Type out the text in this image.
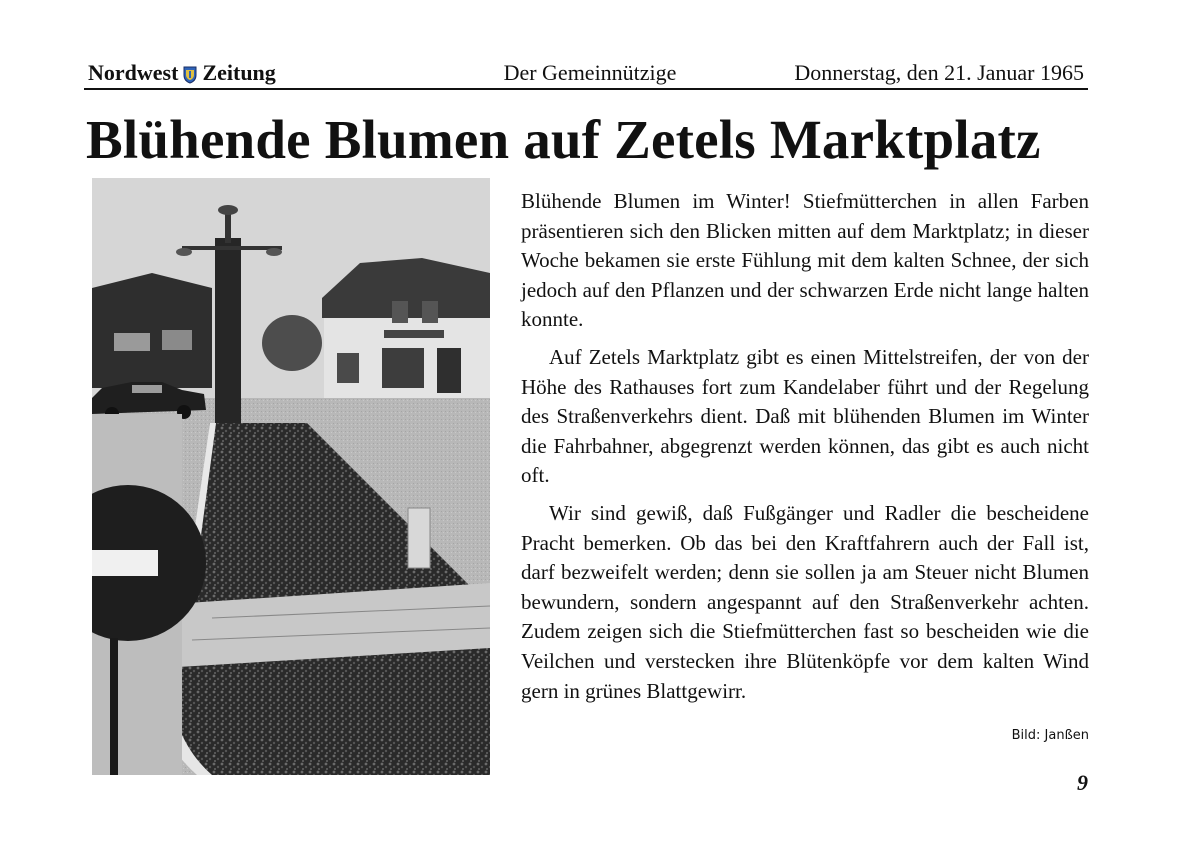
Nordwest Zeitung	Der Gemeinnützige	Donnerstag, den 21. Januar 1965
Blühende Blumen auf Zetels Marktplatz

Blühende Blumen im Winter! Stiefmütterchen in allen Farben präsentieren sich den Blicken mitten auf dem Marktplatz; in dieser Woche bekamen sie erste Fühlung mit dem kalten Schnee, der sich jedoch auf den Pflanzen und der schwarzen Erde nicht lange halten konnte.

Auf Zetels Marktplatz gibt es einen Mittelstreifen, der von der Höhe des Rathauses fort zum Kandelaber führt und der Regelung des Straßenverkehrs dient. Daß mit blühenden Blumen im Winter die Fahrbahner, abgegrenzt werden können, das gibt es auch nicht oft.

Wir sind gewiß, daß Fußgänger und Radler die bescheidene Pracht bemerken. Ob das bei den Kraftfahrern auch der Fall ist, darf bezweifelt werden; denn sie sollen ja am Steuer nicht Blumen bewundern, sondern angespannt auf den Straßenverkehr achten. Zudem zeigen sich die Stiefmütterchen fast so bescheiden wie die Veilchen und verstecken ihre Blütenköpfe vor dem kalten Wind gern in grünes Blattgewirr.

Bild: Janßen
9
